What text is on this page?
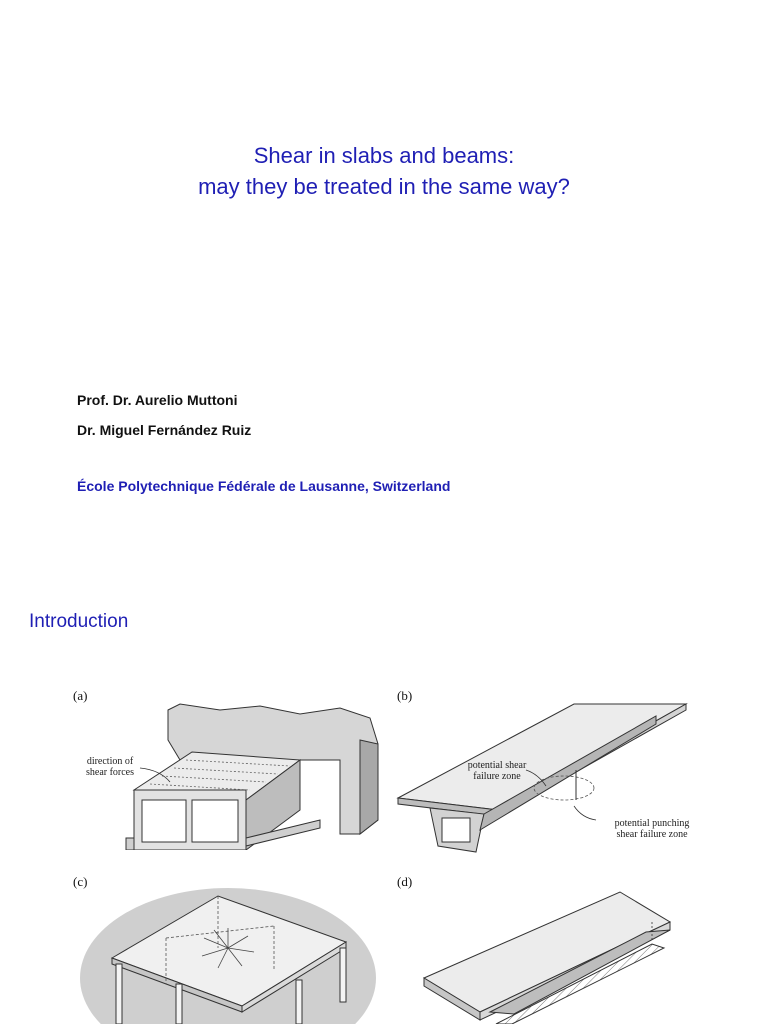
Shear in slabs and beams:
may they be treated in the same way?
Prof. Dr. Aurelio Muttoni
Dr. Miguel Fernández Ruiz
École Polytechnique Fédérale de Lausanne, Switzerland
Introduction
(a)	(b)
(c)	(d)
direction of
shear forces
potential shear
failure zone
potential punching
shear failure zone
